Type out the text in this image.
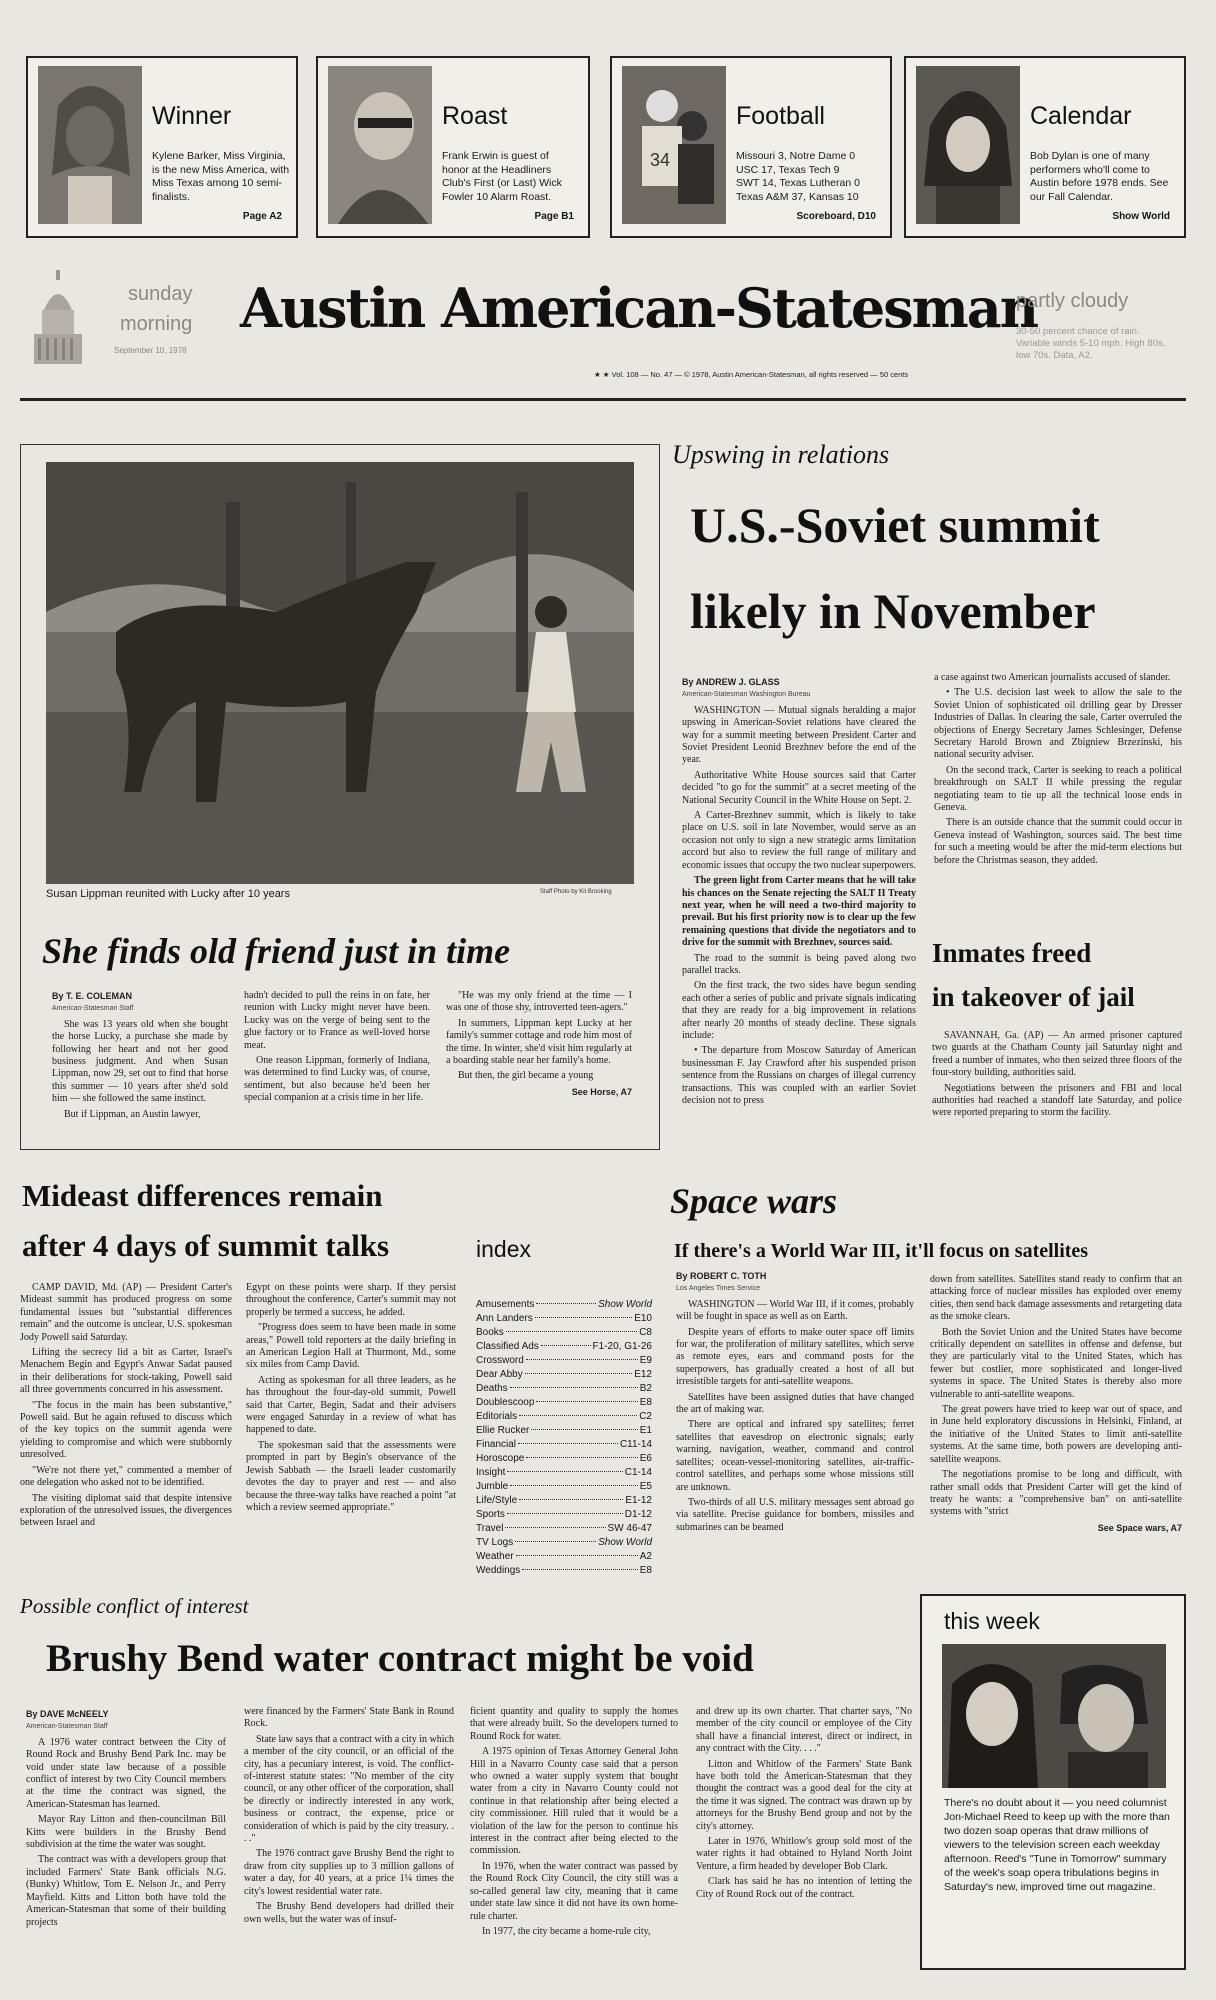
Winner
Kylene Barker, Miss Virginia, is the new Miss America, with Miss Texas among 10 semi-finalists.
Page A2
Roast
Frank Erwin is guest of honor at the Headliners Club's First (or Last) Wick Fowler 10 Alarm Roast.
Page B1
34
Football
Missouri 3, Notre Dame 0
USC 17, Texas Tech 9
SWT 14, Texas Lutheran 0
Texas A&M 37, Kansas 10
Scoreboard, D10
Calendar
Bob Dylan is one of many performers who'll come to Austin before 1978 ends. See our Fall Calendar.
Show World
sunday
morning
September 10, 1978
Austin American-Statesman
partly cloudy
30-50 percent chance of rain. Variable winds 5-10 mph. High 80s, low 70s. Data, A2.
★ ★ Vol. 108 — No. 47 — © 1978, Austin American-Statesman, all rights reserved — 50 cents
Susan Lippman reunited with Lucky after 10 years	Staff Photo by Kit Brooking
She finds old friend just in time
By T. E. COLEMAN
American-Statesman Staff

She was 13 years old when she bought the horse Lucky, a purchase she made by following her heart and not her good business judgment. And when Susan Lippman, now 29, set out to find that horse this summer — 10 years after she'd sold him — she followed the same instinct.

But if Lippman, an Austin lawyer,

hadn't decided to pull the reins in on fate, her reunion with Lucky might never have been. Lucky was on the verge of being sent to the glue factory or to France as well-loved horse meat.

One reason Lippman, formerly of Indiana, was determined to find Lucky was, of course, sentiment, but also because he'd been her special companion at a crisis time in her life.

"He was my only friend at the time — I was one of those shy, introverted teen-agers."

In summers, Lippman kept Lucky at her family's summer cottage and rode him most of the time. In winter, she'd visit him regularly at a boarding stable near her family's home.

But then, the girl became a young

See Horse, A7
Upswing in relations
U.S.-Soviet summit
likely in November
By ANDREW J. GLASS
American-Statesman Washington Bureau

WASHINGTON — Mutual signals heralding a major upswing in American-Soviet relations have cleared the way for a summit meeting between President Carter and Soviet President Leonid Brezhnev before the end of the year.

Authoritative White House sources said that Carter decided "to go for the summit" at a secret meeting of the National Security Council in the White House on Sept. 2.

A Carter-Brezhnev summit, which is likely to take place on U.S. soil in late November, would serve as an occasion not only to sign a new strategic arms limitation accord but also to review the full range of military and economic issues that occupy the two nuclear superpowers.

The green light from Carter means that he will take his chances on the Senate rejecting the SALT II Treaty next year, when he will need a two-third majority to prevail. But his first priority now is to clear up the few remaining questions that divide the negotiators and to drive for the summit with Brezhnev, sources said.

The road to the summit is being paved along two parallel tracks.

On the first track, the two sides have begun sending each other a series of public and private signals indicating that they are ready for a big improvement in relations after nearly 20 months of steady decline. These signals include:

• The departure from Moscow Saturday of American businessman F. Jay Crawford after his suspended prison sentence from the Russians on charges of illegal currency transactions. This was coupled with an earlier Soviet decision not to press

a case against two American journalists accused of slander.

• The U.S. decision last week to allow the sale to the Soviet Union of sophisticated oil drilling gear by Dresser Industries of Dallas. In clearing the sale, Carter overruled the objections of Energy Secretary James Schlesinger, Defense Secretary Harold Brown and Zbigniew Brzezinski, his national security adviser.

On the second track, Carter is seeking to reach a political breakthrough on SALT II while pressing the regular negotiating team to tie up all the technical loose ends in Geneva.

There is an outside chance that the summit could occur in Geneva instead of Washington, sources said. The best time for such a meeting would be after the mid-term elections but before the Christmas season, they added.

Inmates freed
in takeover of jail

SAVANNAH, Ga. (AP) — An armed prisoner captured two guards at the Chatham County jail Saturday night and freed a number of inmates, who then seized three floors of the four-story building, authorities said.

Negotiations between the prisoners and FBI and local authorities had reached a standoff late Saturday, and police were reported preparing to storm the facility.

Mideast differences remain
after 4 days of summit talks

CAMP DAVID, Md. (AP) — President Carter's Mideast summit has produced progress on some fundamental issues but "substantial differences remain" and the outcome is unclear, U.S. spokesman Jody Powell said Saturday.

Lifting the secrecy lid a bit as Carter, Israel's Menachem Begin and Egypt's Anwar Sadat paused in their deliberations for stock-taking, Powell said all three governments concurred in his assessment.

"The focus in the main has been substantive," Powell said. But he again refused to discuss which of the key topics on the summit agenda were yielding to compromise and which were stubbornly unresolved.

"We're not there yet," commented a member of one delegation who asked not to be identified.

The visiting diplomat said that despite intensive exploration of the unresolved issues, the divergences between Israel and

Egypt on these points were sharp. If they persist throughout the conference, Carter's summit may not properly be termed a success, he added.

"Progress does seem to have been made in some areas," Powell told reporters at the daily briefing in an American Legion Hall at Thurmont, Md., some six miles from Camp David.

Acting as spokesman for all three leaders, as he has throughout the four-day-old summit, Powell said that Carter, Begin, Sadat and their advisers were engaged Saturday in a review of what has happened to date.

The spokesman said that the assessments were prompted in part by Begin's observance of the Jewish Sabbath — the Israeli leader customarily devotes the day to prayer and rest — and also because the three-way talks have reached a point "at which a review seemed appropriate."

index
Amusements	Show World
Ann Landers	E10
Books	C8
Classified Ads	F1-20, G1-26
Crossword	E9
Dear Abby	E12
Deaths	B2
Doublescoop	E8
Editorials	C2
Ellie Rucker	E1
Financial	C11-14
Horoscope	E6
Insight	C1-14
Jumble	E5
Life/Style	E1-12
Sports	D1-12
Travel	SW 46-47
TV Logs	Show World
Weather	A2
Weddings	E8
Space wars
If there's a World War III, it'll focus on satellites
By ROBERT C. TOTH
Los Angeles Times Service

WASHINGTON — World War III, if it comes, probably will be fought in space as well as on Earth.

Despite years of efforts to make outer space off limits for war, the proliferation of military satellites, which serve as remote eyes, ears and command posts for the superpowers, has gradually created a host of all but irresistible targets for anti-satellite weapons.

Satellites have been assigned duties that have changed the art of making war.

There are optical and infrared spy satellites; ferret satellites that eavesdrop on electronic signals; early warning, navigation, weather, command and control satellites; ocean-vessel-monitoring satellites, air-traffic-control satellites, and perhaps some whose missions still are unknown.

Two-thirds of all U.S. military messages sent abroad go via satellite. Precise guidance for bombers, missiles and submarines can be beamed

down from satellites. Satellites stand ready to confirm that an attacking force of nuclear missiles has exploded over enemy cities, then send back damage assessments and retargeting data as the smoke clears.

Both the Soviet Union and the United States have become critically dependent on satellites in offense and defense, but they are particularly vital to the United States, which has fewer but costlier, more sophisticated and longer-lived systems in space. The United States is thereby also more vulnerable to anti-satellite weapons.

The great powers have tried to keep war out of space, and in June held exploratory discussions in Helsinki, Finland, at the initiative of the United States to limit anti-satellite systems. At the same time, both powers are developing anti-satellite weapons.

The negotiations promise to be long and difficult, with rather small odds that President Carter will get the kind of treaty he wants: a "comprehensive ban" on anti-satellite systems with "strict

See Space wars, A7
Possible conflict of interest
Brushy Bend water contract might be void
By DAVE McNEELY
American-Statesman Staff

A 1976 water contract between the City of Round Rock and Brushy Bend Park Inc. may be void under state law because of a possible conflict of interest by two City Council members at the time the contract was signed, the American-Statesman has learned.

Mayor Ray Litton and then-councilman Bill Kitts were builders in the Brushy Bend subdivision at the time the water was sought.

The contract was with a developers group that included Farmers' State Bank officials N.G. (Bunky) Whitlow, Tom E. Nelson Jr., and Perry Mayfield. Kitts and Litton both have told the American-Statesman that some of their building projects

were financed by the Farmers' State Bank in Round Rock.

State law says that a contract with a city in which a member of the city council, or an official of the city, has a pecuniary interest, is void. The conflict-of-interest statute states: "No member of the city council, or any other officer of the corporation, shall be directly or indirectly interested in any work, business or contract, the expense, price or consideration of which is paid by the city treasury. . . ."

The 1976 contract gave Brushy Bend the right to draw from city supplies up to 3 million gallons of water a day, for 40 years, at a price 1¼ times the city's lowest residential water rate.

The Brushy Bend developers had drilled their own wells, but the water was of insuf-

ficient quantity and quality to supply the homes that were already built. So the developers turned to Round Rock for water.

A 1975 opinion of Texas Attorney General John Hill in a Navarro County case said that a person who owned a water supply system that bought water from a city in Navarro County could not continue in that relationship after being elected a city commissioner. Hill ruled that it would be a violation of the law for the person to continue his interest in the contract after being elected to the commission.

In 1976, when the water contract was passed by the Round Rock City Council, the city still was a so-called general law city, meaning that it came under state law since it did not have its own home-rule charter.

In 1977, the city became a home-rule city,

and drew up its own charter. That charter says, "No member of the city council or employee of the City shall have a financial interest, direct or indirect, in any contract with the City. . . ."

Litton and Whitlow of the Farmers' State Bank have both told the American-Statesman that they thought the contract was a good deal for the city at the time it was signed. The contract was drawn up by attorneys for the Brushy Bend group and not by the city's attorney.

Later in 1976, Whitlow's group sold most of the water rights it had obtained to Hyland North Joint Venture, a firm headed by developer Bob Clark.

Clark has said he has no intention of letting the City of Round Rock out of the contract.

this week
There's no doubt about it — you need columnist Jon-Michael Reed to keep up with the more than two dozen soap operas that draw millions of viewers to the television screen each weekday afternoon. Reed's "Tune in Tomorrow" summary of the week's soap opera tribulations begins in Saturday's new, improved time out magazine.
